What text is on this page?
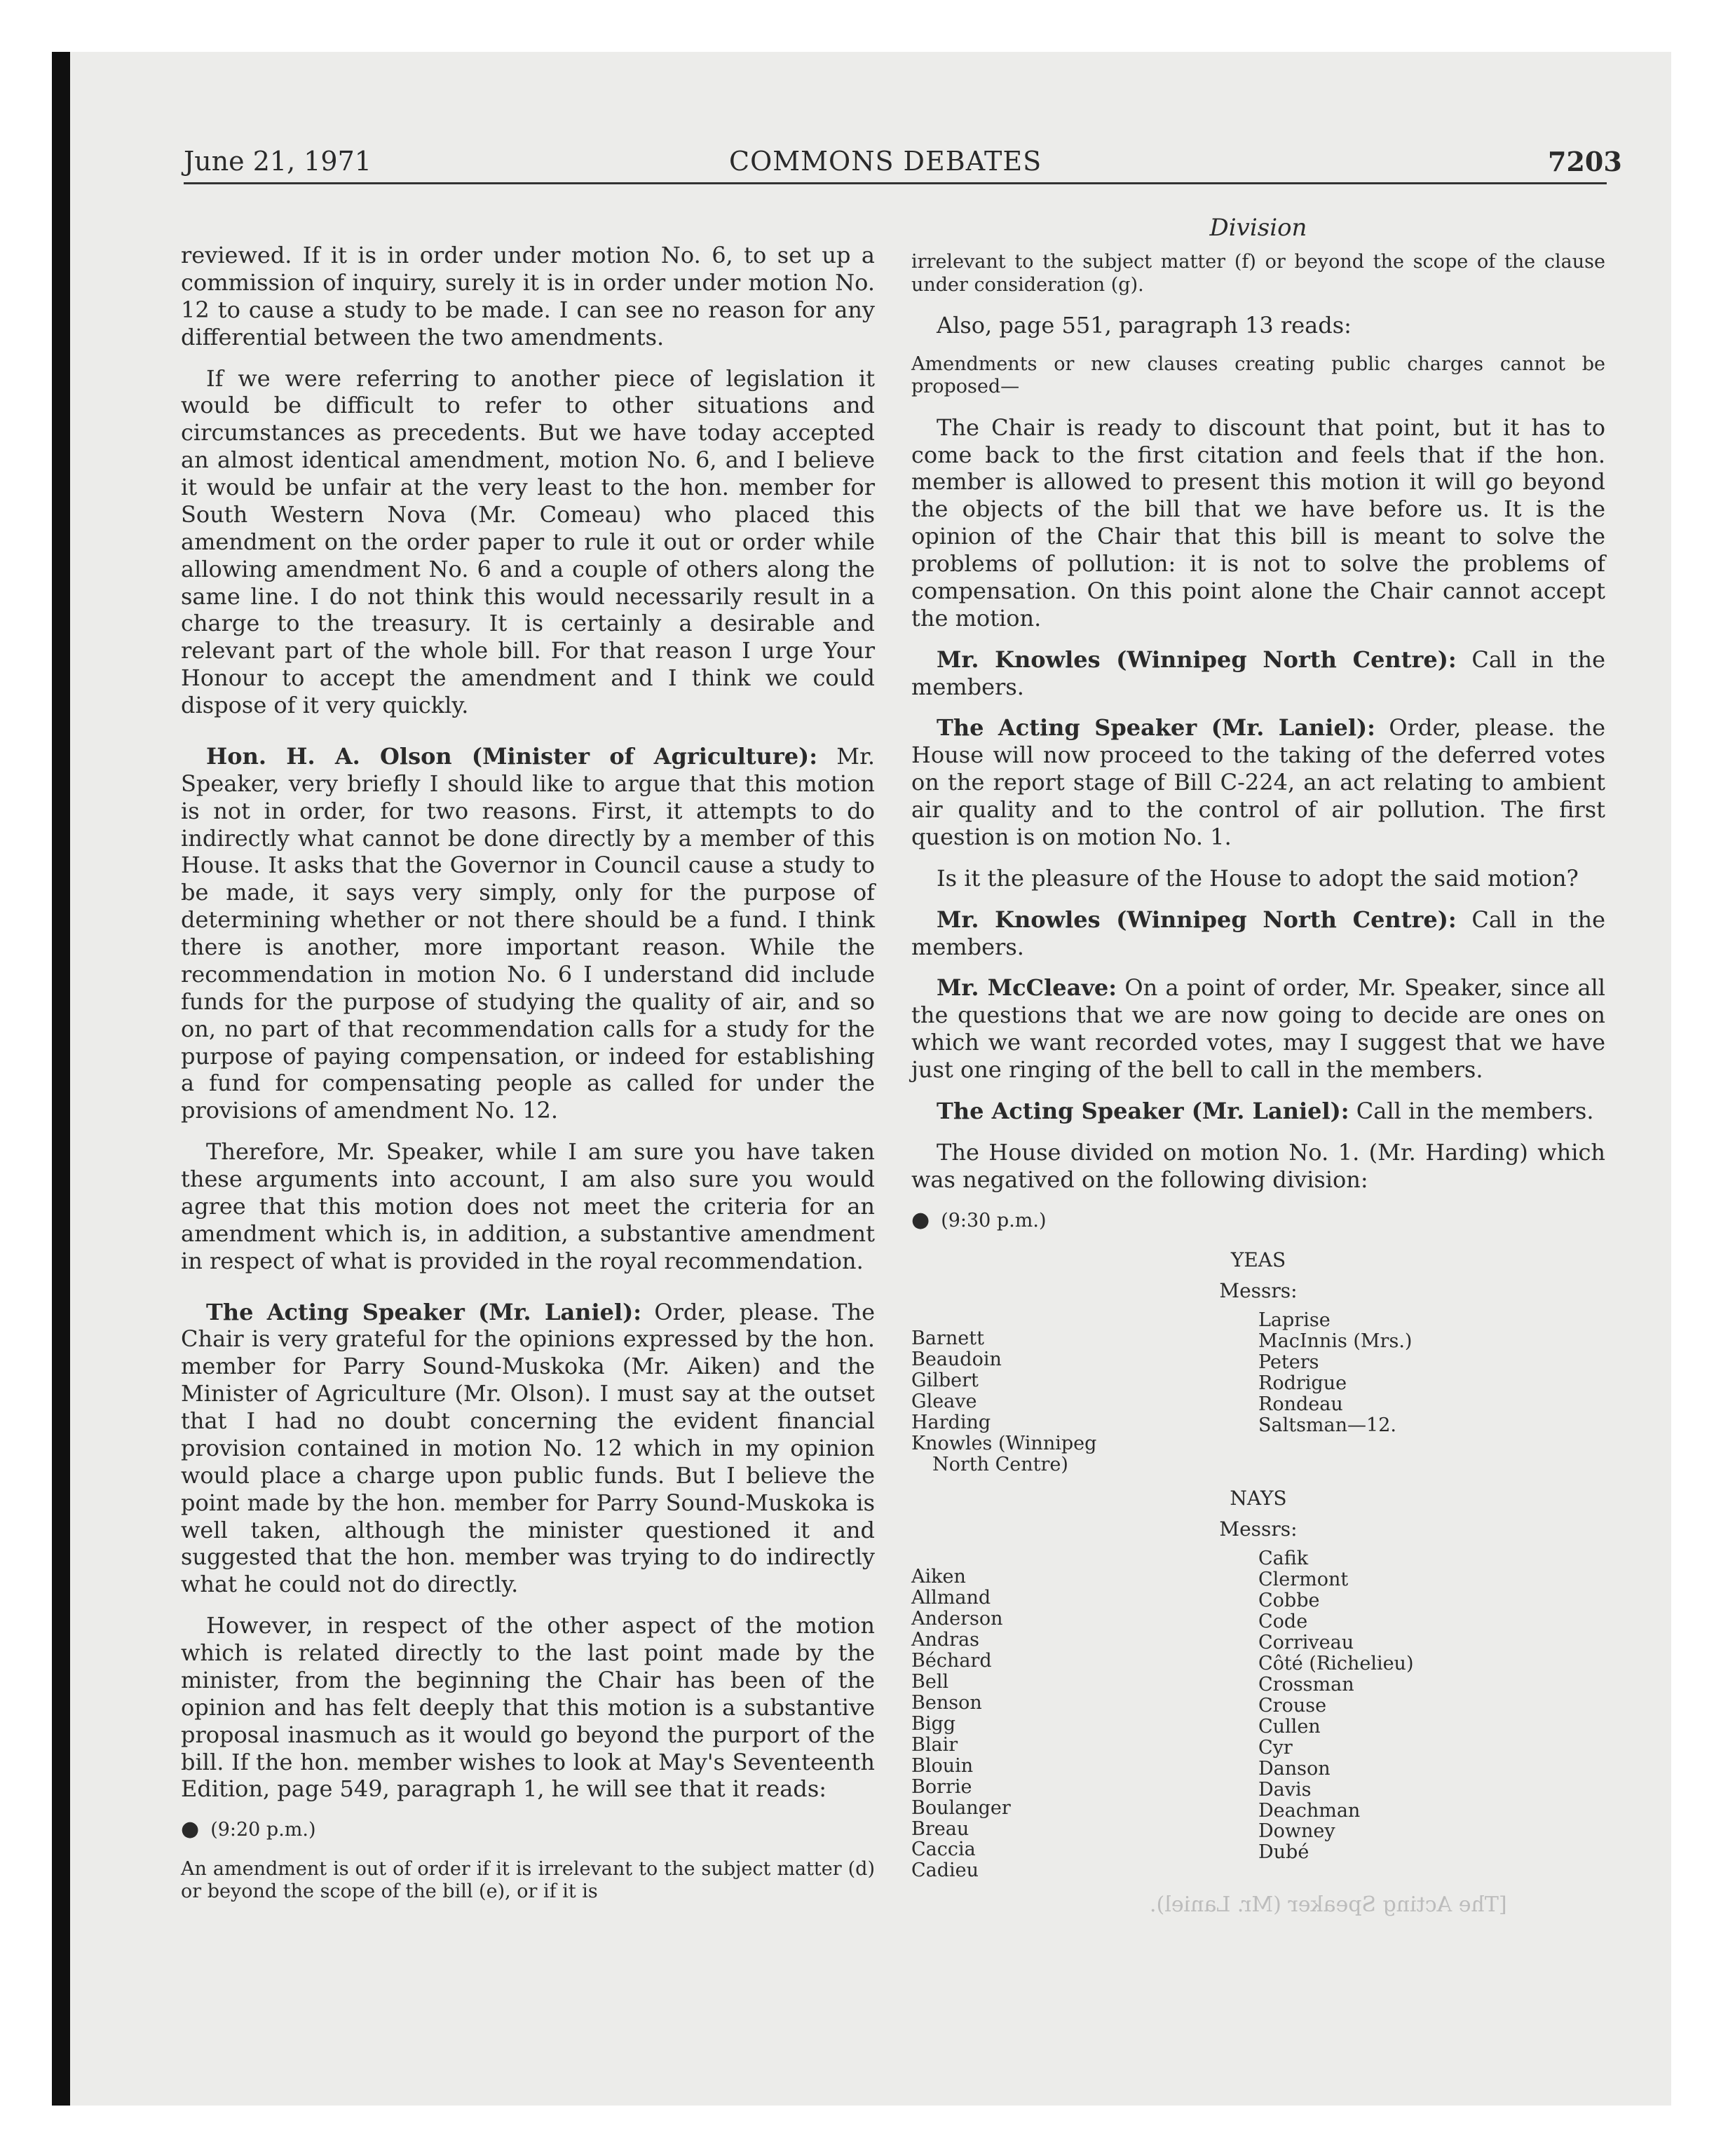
June 21, 1971	COMMONS DEBATES	7203

reviewed. If it is in order under motion No. 6, to set up a commission of inquiry, surely it is in order under motion No. 12 to cause a study to be made. I can see no reason for any differential between the two amendments.

If we were referring to another piece of legislation it would be difficult to refer to other situations and circumstances as precedents. But we have today accepted an almost identical amendment, motion No. 6, and I believe it would be unfair at the very least to the hon. member for South Western Nova (Mr. Comeau) who placed this amendment on the order paper to rule it out or order while allowing amendment No. 6 and a couple of others along the same line. I do not think this would necessarily result in a charge to the treasury. It is certainly a desirable and relevant part of the whole bill. For that reason I urge Your Honour to accept the amendment and I think we could dispose of it very quickly.

Hon. H. A. Olson (Minister of Agriculture): Mr. Speaker, very briefly I should like to argue that this motion is not in order, for two reasons. First, it attempts to do indirectly what cannot be done directly by a member of this House. It asks that the Governor in Council cause a study to be made, it says very simply, only for the purpose of determining whether or not there should be a fund. I think there is another, more important reason. While the recommendation in motion No. 6 I understand did include funds for the purpose of studying the quality of air, and so on, no part of that recommendation calls for a study for the purpose of paying compensation, or indeed for establishing a fund for compensating people as called for under the provisions of amendment No. 12.

Therefore, Mr. Speaker, while I am sure you have taken these arguments into account, I am also sure you would agree that this motion does not meet the criteria for an amendment which is, in addition, a substantive amendment in respect of what is provided in the royal recommendation.

The Acting Speaker (Mr. Laniel): Order, please. The Chair is very grateful for the opinions expressed by the hon. member for Parry Sound-Muskoka (Mr. Aiken) and the Minister of Agriculture (Mr. Olson). I must say at the outset that I had no doubt concerning the evident financial provision contained in motion No. 12 which in my opinion would place a charge upon public funds. But I believe the point made by the hon. member for Parry Sound-Muskoka is well taken, although the minister questioned it and suggested that the hon. member was trying to do indirectly what he could not do directly.

However, in respect of the other aspect of the motion which is related directly to the last point made by the minister, from the beginning the Chair has been of the opinion and has felt deeply that this motion is a substantive proposal inasmuch as it would go beyond the purport of the bill. If the hon. member wishes to look at May's Seventeenth Edition, page 549, paragraph 1, he will see that it reads:

● (9:20 p.m.)

An amendment is out of order if it is irrelevant to the subject matter (d) or beyond the scope of the bill (e), or if it is

Division

irrelevant to the subject matter (f) or beyond the scope of the clause under consideration (g).

Also, page 551, paragraph 13 reads:

Amendments or new clauses creating public charges cannot be proposed—

The Chair is ready to discount that point, but it has to come back to the first citation and feels that if the hon. member is allowed to present this motion it will go beyond the objects of the bill that we have before us. It is the opinion of the Chair that this bill is meant to solve the problems of pollution: it is not to solve the problems of compensation. On this point alone the Chair cannot accept the motion.

Mr. Knowles (Winnipeg North Centre): Call in the members.

The Acting Speaker (Mr. Laniel): Order, please. the House will now proceed to the taking of the deferred votes on the report stage of Bill C-224, an act relating to ambient air quality and to the control of air pollution. The first question is on motion No. 1.

Is it the pleasure of the House to adopt the said motion?

Mr. Knowles (Winnipeg North Centre): Call in the members.

Mr. McCleave: On a point of order, Mr. Speaker, since all the questions that we are now going to decide are ones on which we want recorded votes, may I suggest that we have just one ringing of the bell to call in the members.

The Acting Speaker (Mr. Laniel): Call in the members.

The House divided on motion No. 1. (Mr. Harding) which was negatived on the following division:

● (9:30 p.m.)
YEAS
Messrs:
Barnett
Beaudoin
Gilbert
Gleave
Harding
Knowles (Winnipeg
North Centre)
Laprise
MacInnis (Mrs.)
Peters
Rodrigue
Rondeau
Saltsman—12.
NAYS
Messrs:
Aiken
Allmand
Anderson
Andras
Béchard
Bell
Benson
Bigg
Blair
Blouin
Borrie
Boulanger
Breau
Caccia
Cadieu
Cafik
Clermont
Cobbe
Code
Corriveau
Côté (Richelieu)
Crossman
Crouse
Cullen
Cyr
Danson
Davis
Deachman
Downey
Dubé
[The Acting Speaker (Mr. Laniel).
